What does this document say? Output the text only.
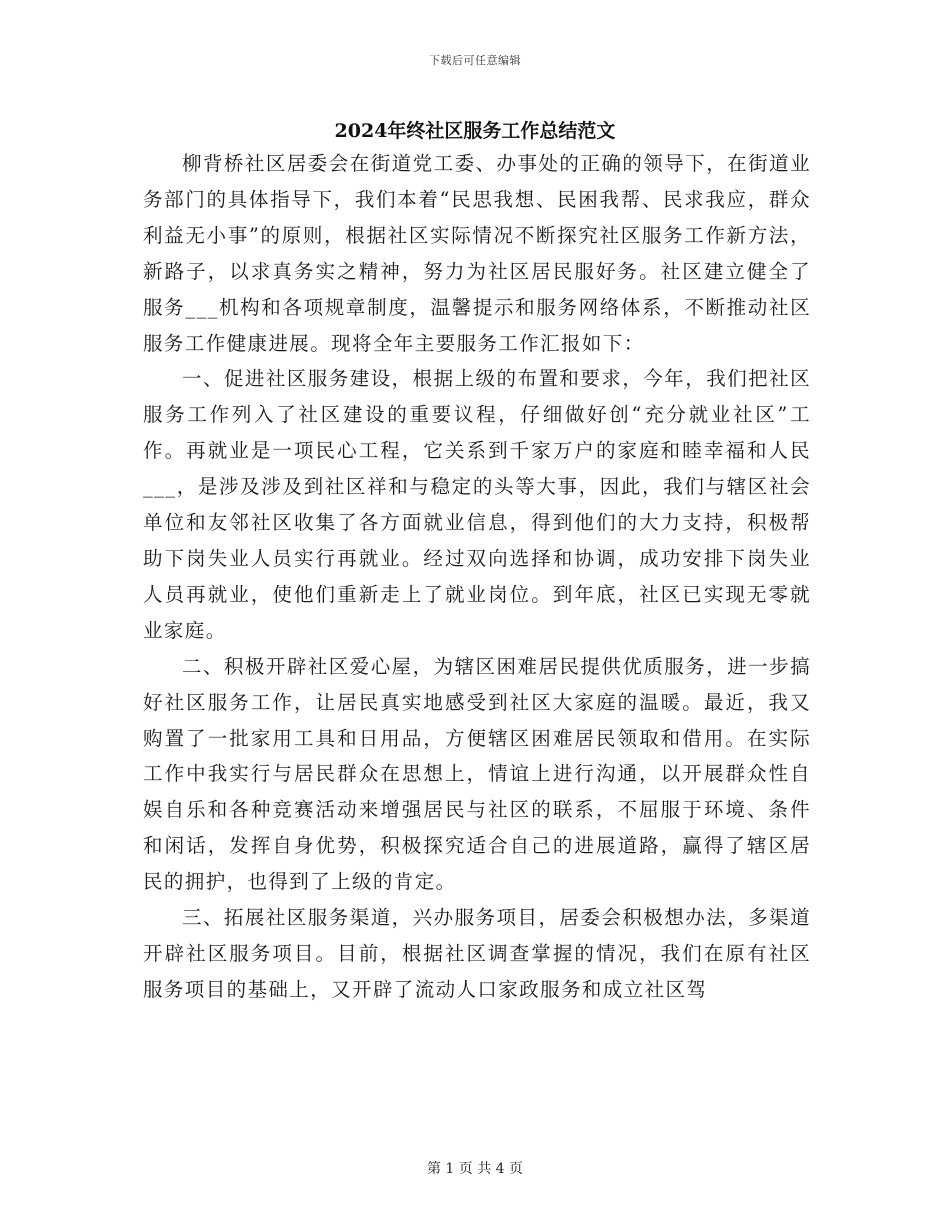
下载后可任意编辑
2024年终社区服务工作总结范文

柳背桥社区居委会在街道党工委、办事处的正确的领导下，在街道业务部门的具体指导下，我们本着“民思我想、民困我帮、民求我应，群众利益无小事”的原则，根据社区实际情况不断探究社区服务工作新方法，新路子，以求真务实之精神，努力为社区居民服好务。社区建立健全了服务___机构和各项规章制度，温馨提示和服务网络体系，不断推动社区服务工作健康进展。现将全年主要服务工作汇报如下：

一、促进社区服务建设，根据上级的布置和要求，今年，我们把社区服务工作列入了社区建设的重要议程，仔细做好创“充分就业社区”工作。再就业是一项民心工程，它关系到千家万户的家庭和睦幸福和人民___，是涉及涉及到社区祥和与稳定的头等大事，因此，我们与辖区社会单位和友邻社区收集了各方面就业信息，得到他们的大力支持，积极帮助下岗失业人员实行再就业。经过双向选择和协调，成功安排下岗失业人员再就业，使他们重新走上了就业岗位。到年底，社区已实现无零就业家庭。

二、积极开辟社区爱心屋，为辖区困难居民提供优质服务，进一步搞好社区服务工作，让居民真实地感受到社区大家庭的温暖。最近，我又购置了一批家用工具和日用品，方便辖区困难居民领取和借用。在实际工作中我实行与居民群众在思想上，情谊上进行沟通，以开展群众性自娱自乐和各种竞赛活动来增强居民与社区的联系，不屈服于环境、条件和闲话，发挥自身优势，积极探究适合自己的进展道路，赢得了辖区居民的拥护，也得到了上级的肯定。

三、拓展社区服务渠道，兴办服务项目，居委会积极想办法，多渠道开辟社区服务项目。目前，根据社区调查掌握的情况，我们在原有社区服务项目的基础上，又开辟了流动人口家政服务和成立社区驾

第 1 页 共 4 页
